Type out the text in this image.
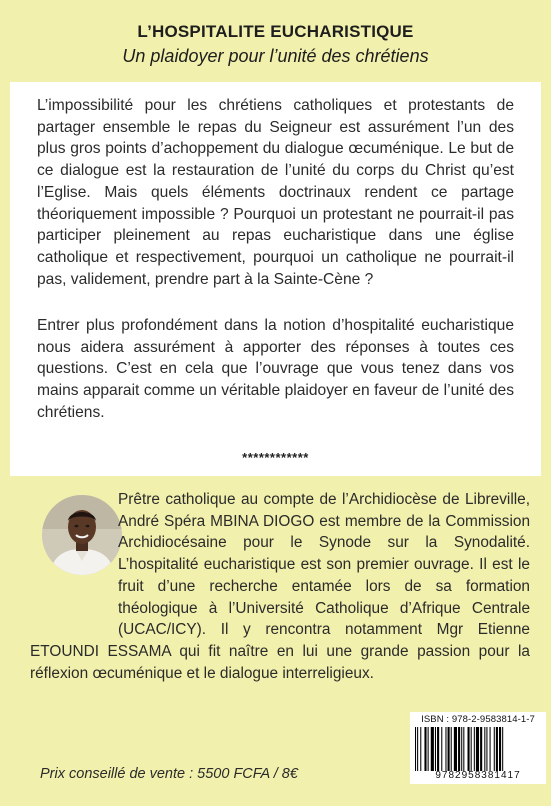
L’HOSPITALITE EUCHARISTIQUE
Un plaidoyer pour l’unité des chrétiens

L’impossibilité pour les chrétiens catholiques et protestants de partager ensemble le repas du Seigneur est assurément l’un des plus gros points d’achoppement du dialogue œcuménique. Le but de ce dialogue est la restauration de l’unité du corps du Christ qu’est l’Eglise. Mais quels éléments doctrinaux rendent ce partage théoriquement impossible ? Pourquoi un protestant ne pourrait-il pas participer pleinement au repas eucharistique dans une église catholique et respectivement, pourquoi un catholique ne pourrait-il pas, validement, prendre part à la Sainte-Cène ?

Entrer plus profondément dans la notion d’hospitalité eucharistique nous aidera assurément à apporter des réponses à toutes ces questions. C’est en cela que l’ouvrage que vous tenez dans vos mains apparait comme un véritable plaidoyer en faveur de l’unité des chrétiens.

************
Prêtre catholique au compte de l’Archidiocèse de Libreville, André Spéra MBINA DIOGO est membre de la Commission Archidiocésaine pour le Synode sur la Synodalité. L’hospitalité eucharistique est son premier ouvrage. Il est le fruit d’une recherche entamée lors de sa formation théologique à l’Université Catholique d’Afrique Centrale (UCAC/ICY). Il y rencontra notamment Mgr Etienne ETOUNDI ESSAMA qui fit naître en lui une grande passion pour la réflexion œcuménique et le dialogue interreligieux.
Prix conseillé de vente : 5500 FCFA / 8€
ISBN : 978-2-9583814-1-7
9782958381417
